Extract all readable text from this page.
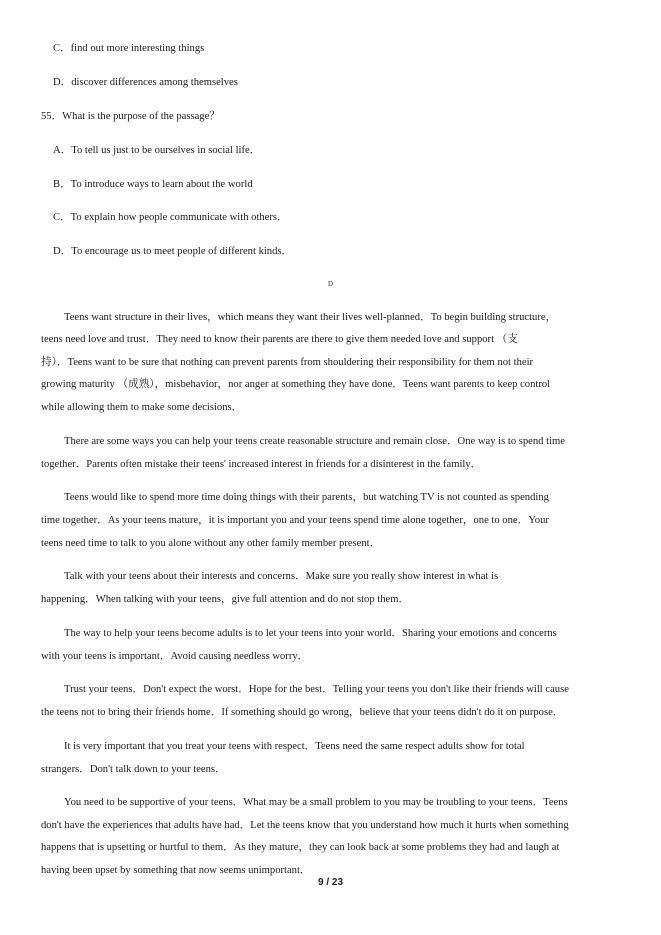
C．find out more interesting things
D．discover differences among themselves
55．What is the purpose of the passage？
A．To tell us just to be ourselves in social life．
B．To introduce ways to learn about the world
C．To explain how people communicate with others．
D．To encourage us to meet people of different kinds．
D
Teens want structure in their lives，which means they want their lives well-planned．To begin building structure，
teens need love and trust．They need to know their parents are there to give them needed love and support （支
持）．Teens want to be sure that nothing can prevent parents from shouldering their responsibility for them not their
growing maturity （成熟），misbehavior，nor anger at something they have done．Teens want parents to keep control
while allowing them to make some decisions．
There are some ways you can help your teens create reasonable structure and remain close．One way is to spend time
together．Parents often mistake their teens' increased interest in friends for a disinterest in the family．
Teens would like to spend more time doing things with their parents，but watching TV is not counted as spending
time together．As your teens mature，it is important you and your teens spend time alone together，one to one．Your
teens need time to talk to you alone without any other family member present．
Talk with your teens about their interests and concerns．Make sure you really show interest in what is
happening．When talking with your teens，give full attention and do not stop them．
The way to help your teens become adults is to let your teens into your world．Sharing your emotions and concerns
with your teens is important．Avoid causing needless worry．
Trust your teens．Don't expect the worst．Hope for the best．Telling your teens you don't like their friends will cause
the teens not to bring their friends home．If something should go wrong，believe that your teens didn't do it on purpose．
It is very important that you treat your teens with respect．Teens need the same respect adults show for total
strangers．Don't talk down to your teens．
You need to be supportive of your teens．What may be a small problem to you may be troubling to your teens．Teens
don't have the experiences that adults have had．Let the teens know that you understand how much it hurts when something
happens that is upsetting or hurtful to them．As they mature，they can look back at some problems they had and laugh at
having been upset by something that now seems unimportant．
9 / 23
